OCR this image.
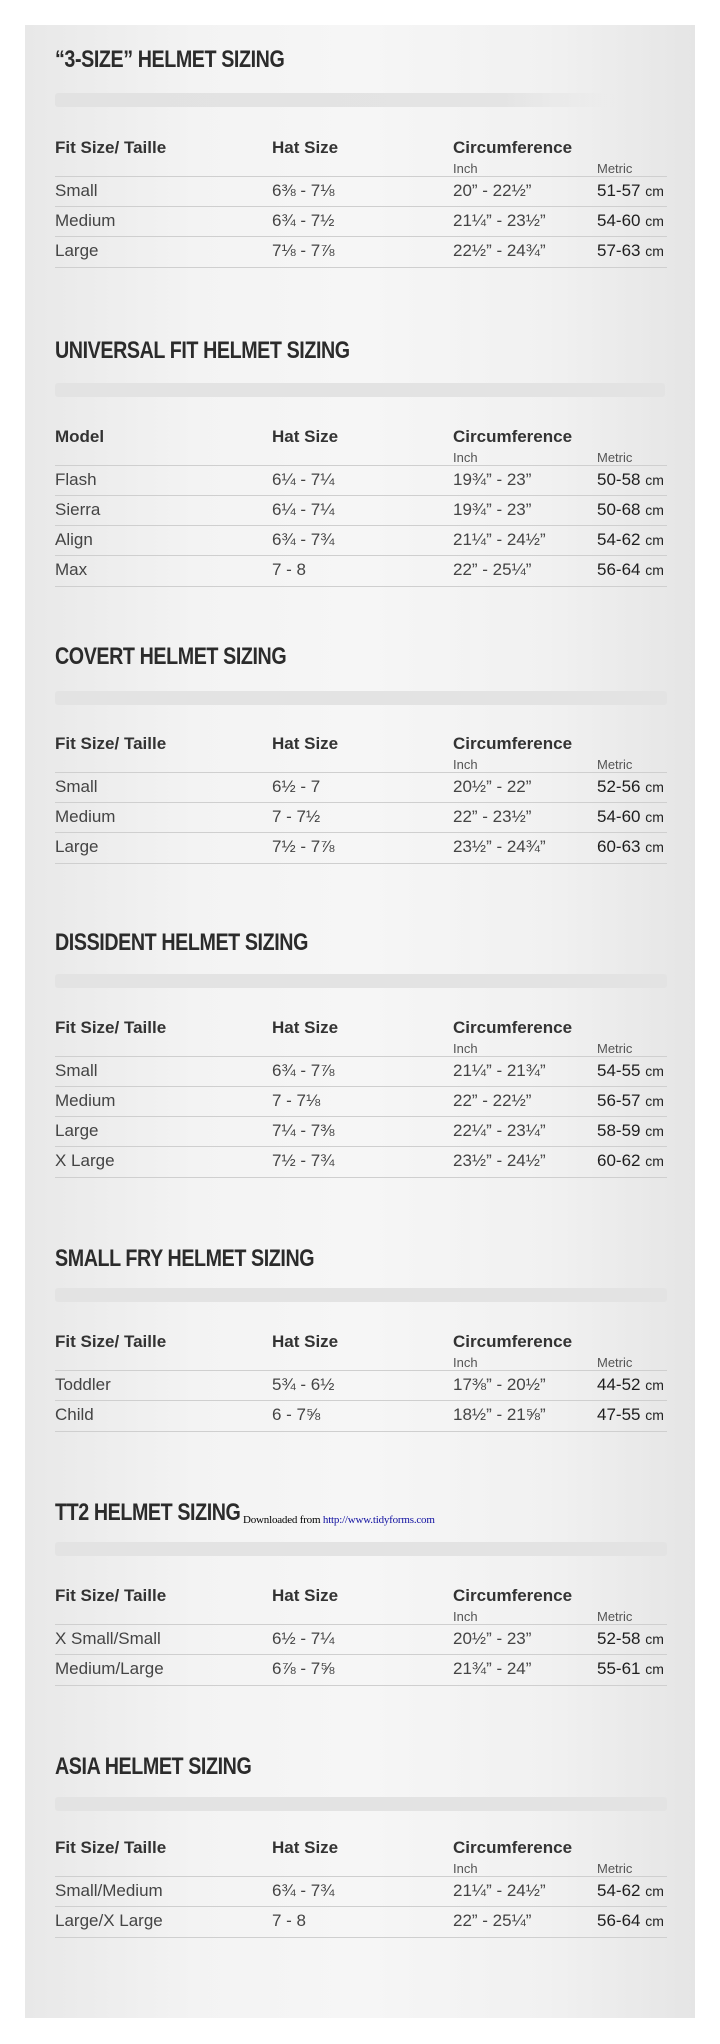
“3-SIZE” HELMET SIZING
Fit Size/ Taille	Hat Size	Circumference
Inch	Metric
Small	6⅜ - 7⅛	20” - 22½”	51-57 cm
Medium	6¾ - 7½	21¼” - 23½”	54-60 cm
Large	7⅛ - 7⅞	22½” - 24¾”	57-63 cm
UNIVERSAL FIT HELMET SIZING
Model	Hat Size	Circumference
Inch	Metric
Flash	6¼ - 7¼	19¾” - 23”	50-58 cm
Sierra	6¼ - 7¼	19¾” - 23”	50-68 cm
Align	6¾ - 7¾	21¼” - 24½”	54-62 cm
Max	7 - 8	22” - 25¼”	56-64 cm
COVERT HELMET SIZING
Fit Size/ Taille	Hat Size	Circumference
Inch	Metric
Small	6½ - 7	20½” - 22”	52-56 cm
Medium	7 - 7½	22” - 23½”	54-60 cm
Large	7½ - 7⅞	23½” - 24¾”	60-63 cm
DISSIDENT HELMET SIZING
Fit Size/ Taille	Hat Size	Circumference
Inch	Metric
Small	6¾ - 7⅞	21¼” - 21¾”	54-55 cm
Medium	7 - 7⅛	22” - 22½”	56-57 cm
Large	7¼ - 7⅜	22¼” - 23¼”	58-59 cm
X Large	7½ - 7¾	23½” - 24½”	60-62 cm
SMALL FRY HELMET SIZING
Fit Size/ Taille	Hat Size	Circumference
Inch	Metric
Toddler	5¾ - 6½	17⅜” - 20½”	44-52 cm
Child	6 - 7⅝	18½” - 21⅝”	47-55 cm
TT2 HELMET SIZING
Fit Size/ Taille	Hat Size	Circumference
Inch	Metric
X Small/Small	6½ - 7¼	20½” - 23”	52-58 cm
Medium/Large	6⅞ - 7⅝	21¾” - 24”	55-61 cm
ASIA HELMET SIZING
Fit Size/ Taille	Hat Size	Circumference
Inch	Metric
Small/Medium	6¾ - 7¾	21¼” - 24½”	54-62 cm
Large/X Large	7 - 8	22” - 25¼”	56-64 cm
Downloaded from http://www.tidyforms.com
